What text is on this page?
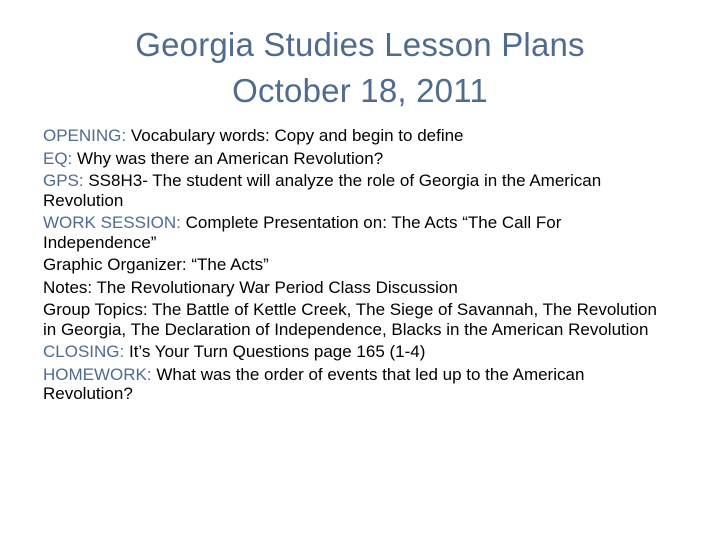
Georgia Studies Lesson Plans
October 18, 2011
OPENING: Vocabulary words: Copy and begin to define
EQ: Why was there an American Revolution?
GPS: SS8H3- The student will analyze the role of Georgia in the American Revolution
WORK SESSION: Complete Presentation on: The Acts “The Call For Independence”
Graphic Organizer: “The Acts”
Notes: The Revolutionary War Period Class Discussion
Group Topics: The Battle of Kettle Creek, The Siege of Savannah, The Revolution in Georgia, The Declaration of Independence, Blacks in the American Revolution
CLOSING: It’s Your Turn Questions page 165 (1-4)
HOMEWORK: What was the order of events that led up to the American Revolution?
